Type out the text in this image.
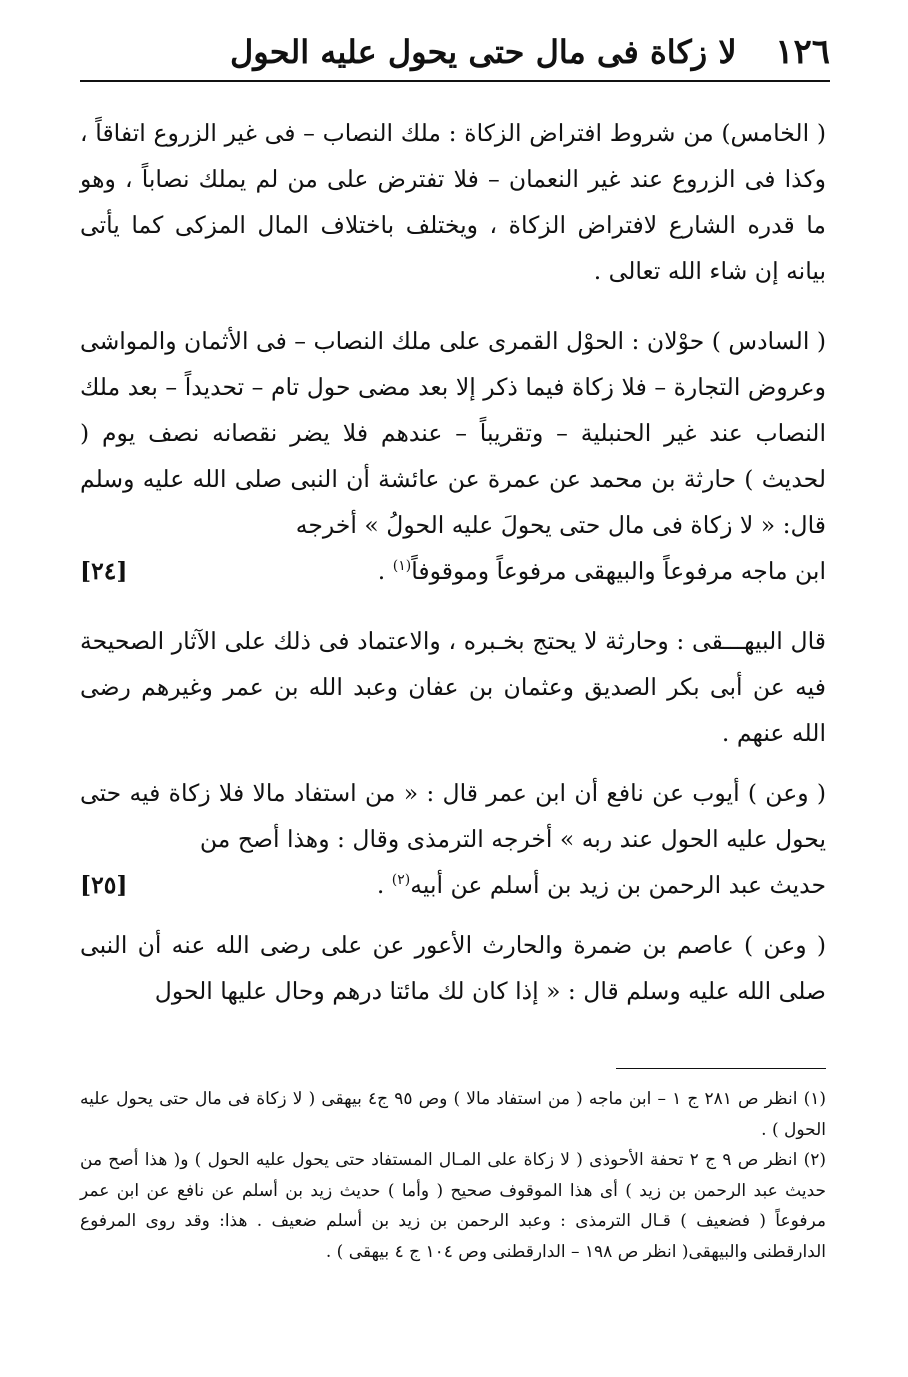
١٢٦
لا زكاة فى مال حتى يحول عليه الحول

( الخامس) من شروط افتراض الزكاة : ملك النصاب – فى غير الزروع اتفاقاً ، وكذا فى الزروع عند غير النعمان – فلا تفترض على من لم يملك نصاباً ، وهو ما قدره الشارع لافتراض الزكاة ، ويختلف باختلاف المال المزكى كما يأتى بيانه إن شاء الله تعالى .

( السادس ) حوْلان : الحوْل القمرى على ملك النصاب – فى الأثمان والمواشى وعروض التجارة – فلا زكاة فيما ذكر إلا بعد مضى حول تام – تحديداً – بعد ملك النصاب عند غير الحنبلية – وتقريباً – عندهم فلا يضر نقصانه نصف يوم ( لحديث ) حارثة بن محمد عن عمرة عن عائشة أن النبى صلى الله عليه وسلم قال: « لا زكاة فى مال حتى يحولَ عليه الحولُ » أخرجه

ابن ماجه مرفوعاً والبيهقى مرفوعاً وموقوفاً$^{(١)}$ .
[٢٤]

قال البيهـــقى : وحارثة لا يحتج بخـبره ، والاعتماد فى ذلك على الآثار الصحيحة فيه عن أبى بكر الصديق وعثمان بن عفان وعبد الله بن عمر وغيرهم رضى الله عنهم .

( وعن ) أيوب عن نافع أن ابن عمر قال : « من استفاد مالا فلا زكاة فيه حتى يحول عليه الحول عند ربه » أخرجه الترمذى وقال : وهذا أصح من

حديث عبد الرحمن بن زيد بن أسلم عن أبيه$^{(٢)}$ .
[٢٥]

( وعن ) عاصم بن ضمرة والحارث الأعور عن على رضى الله عنه أن النبى صلى الله عليه وسلم قال : « إذا كان لك مائتا درهم وحال عليها الحول

(١) انظر ص ٢٨١ ج ١ – ابن ماجه ( من استفاد مالا ) وص ٩٥ ج٤ بيهقى ( لا زكاة فى مال حتى يحول عليه الحول ) .

(٢) انظر ص ٩ ج ٢ تحفة الأحوذى ( لا زكاة على المـال المستفاد حتى يحول عليه الحول ) و( هذا أصح من حديث عبد الرحمن بن زيد ) أى هذا الموقوف صحيح ( وأما ) حديث زيد بن أسلم عن نافع عن ابن عمر مرفوعاً ( فضعيف ) قـال الترمذى : وعبد الرحمن بن زيد بن أسلم ضعيف . هذا: وقد روى المرفوع الدارقطنى والبيهقى( انظر ص ١٩٨ – الدارقطنى وص ١٠٤ ج ٤ بيهقى ) .
